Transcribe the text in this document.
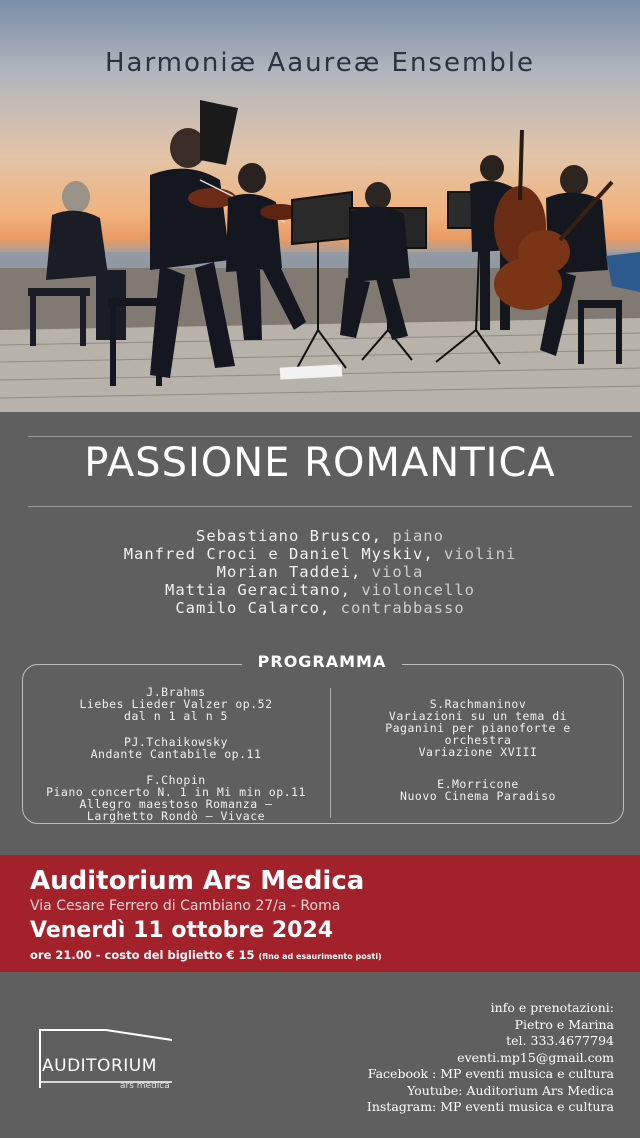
Harmoniæ Aaureæ Ensemble
PASSIONE ROMANTICA
Sebastiano Brusco, piano
Manfred Croci e Daniel Myskiv, violini
Morian Taddei, viola
Mattia Geracitano, violoncello
Camilo Calarco, contrabbasso
PROGRAMMA
J.Brahms
Liebes Lieder Valzer op.52
dal n 1 al n 5
PJ.Tchaikowsky
Andante Cantabile op.11
F.Chopin
Piano concerto N. 1 in Mi min op.11
Allegro maestoso Romanza –
Larghetto Rondò – Vivace
S.Rachmaninov
Variazioni su un tema di
Paganini per pianoforte e
orchestra
Variazione XVIII
E.Morricone
Nuovo Cinema Paradiso
Auditorium Ars Medica
Via Cesare Ferrero di Cambiano 27/a - Roma
Venerdì 11 ottobre 2024
ore 21.00 - costo del biglietto € 15 (fino ad esaurimento posti)
AUDITORIUM
ars medica
info e prenotazioni:
Pietro e Marina
tel. 333.4677794
eventi.mp15@gmail.com
Facebook : MP eventi musica e cultura
Youtube: Auditorium Ars Medica
Instagram: MP eventi musica e cultura
